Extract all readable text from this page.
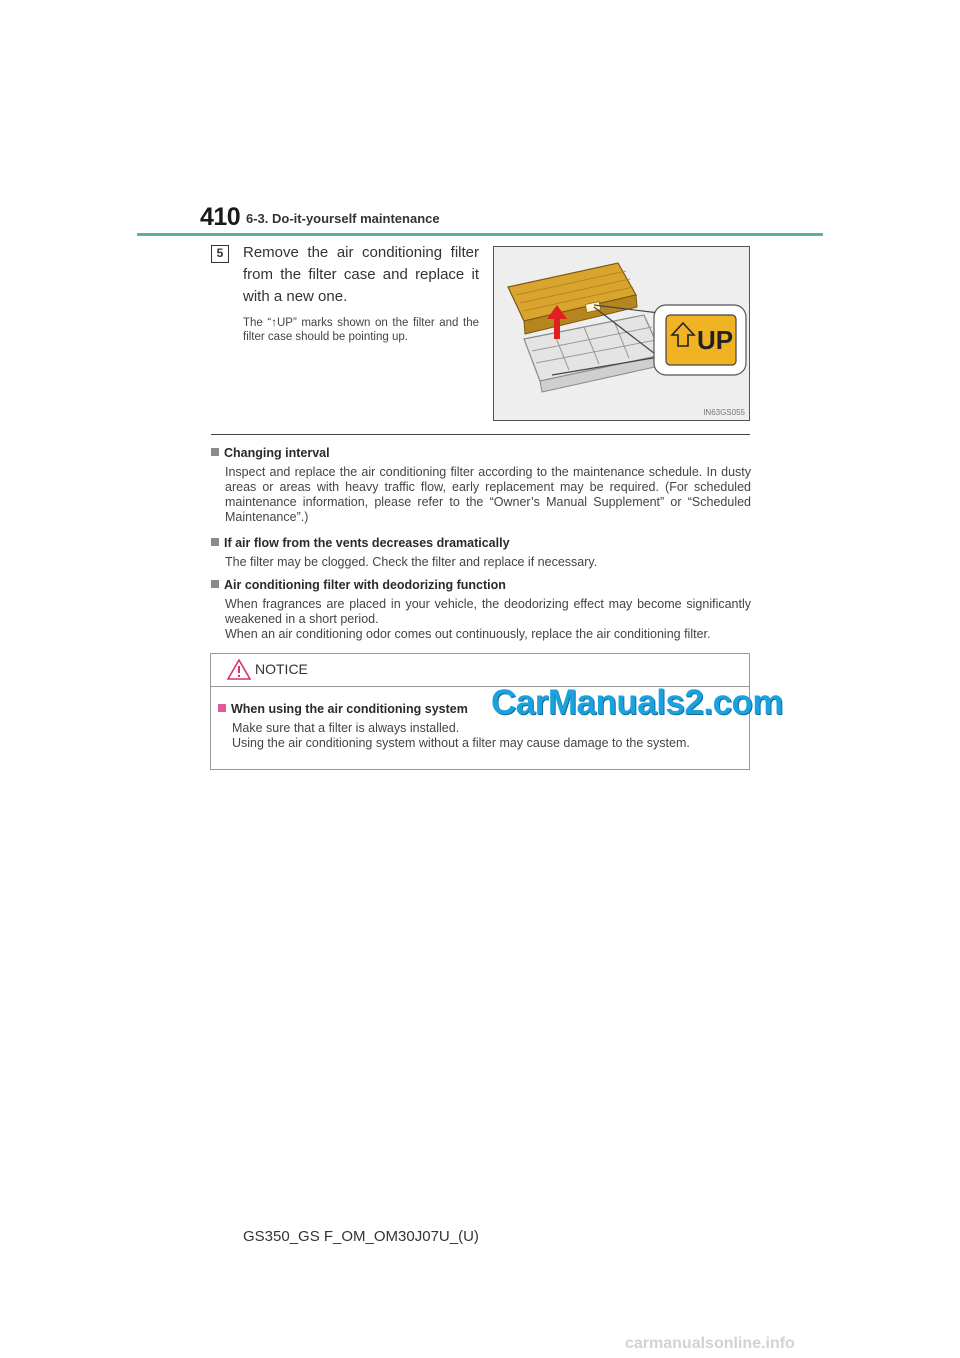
410 6-3. Do-it-yourself maintenance
5	Remove the air conditioning filter from the filter case and replace it with a new one.
The “↑UP” marks shown on the filter and the filter case should be pointing up.	UP
IN63GS055
Changing interval
Inspect and replace the air conditioning filter according to the maintenance schedule. In dusty areas or areas with heavy traffic flow, early replacement may be required. (For scheduled maintenance information, please refer to the “Owner’s Manual Supplement” or “Scheduled Maintenance”.)
If air flow from the vents decreases dramatically
The filter may be clogged. Check the filter and replace if necessary.
Air conditioning filter with deodorizing function
When fragrances are placed in your vehicle, the deodorizing effect may become significantly weakened in a short period.
When an air conditioning odor comes out continuously, replace the air conditioning filter.
NOTICE
When using the air conditioning system
Make sure that a filter is always installed.
Using the air conditioning system without a filter may cause damage to the system.
CarManuals2.com
GS350_GS F_OM_OM30J07U_(U)
carmanualsonline.info
